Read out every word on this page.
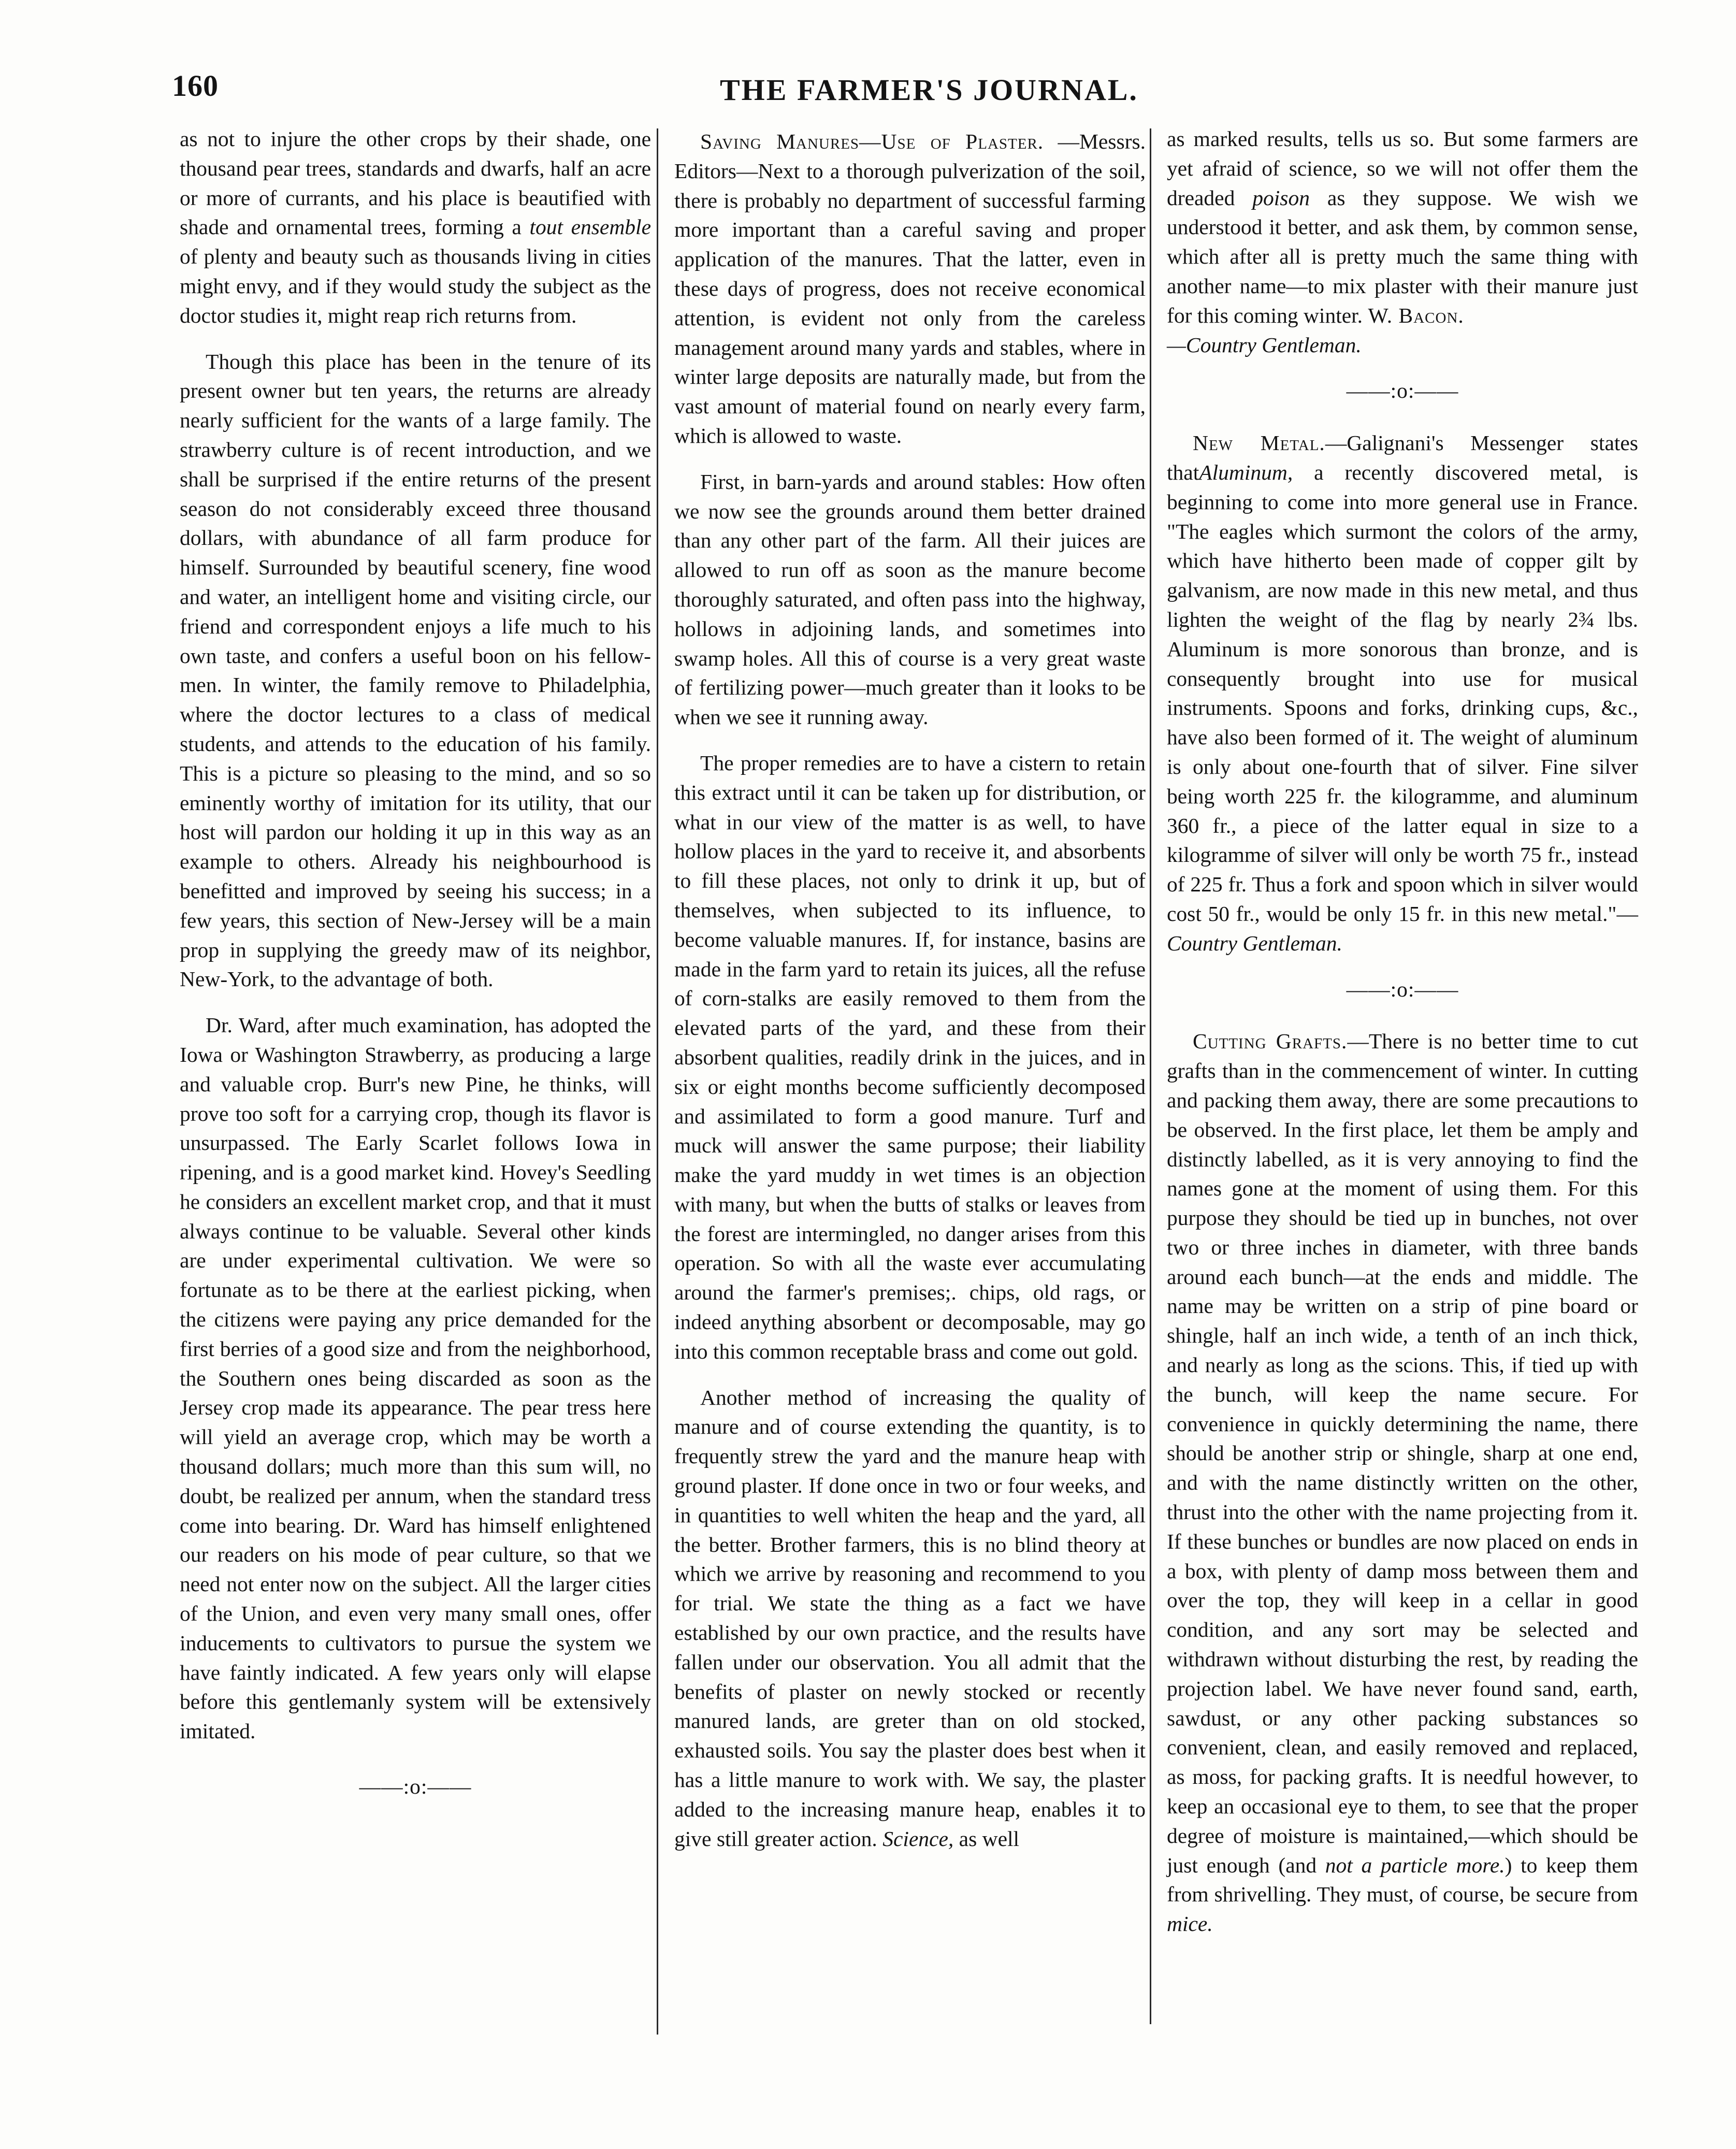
160	THE FARMER'S JOURNAL.

as not to injure the other crops by their shade, one thousand pear trees, standards and dwarfs, half an acre or more of currants, and his place is beautified with shade and ornamental trees, forming a tout ensemble of plenty and beauty such as thousands living in cities might envy, and if they would study the subject as the doctor studies it, might reap rich returns from.

Though this place has been in the tenure of its present owner but ten years, the returns are already nearly sufficient for the wants of a large family. The strawberry culture is of recent introduction, and we shall be surprised if the entire returns of the present season do not considerably exceed three thousand dollars, with abundance of all farm produce for himself. Surrounded by beautiful scenery, fine wood and water, an intelligent home and visiting circle, our friend and correspondent enjoys a life much to his own taste, and confers a useful boon on his fellow-men. In winter, the family remove to Philadelphia, where the doctor lectures to a class of medical students, and attends to the education of his family. This is a picture so pleasing to the mind, and so so eminently worthy of imitation for its utility, that our host will pardon our holding it up in this way as an example to others. Already his neighbourhood is benefitted and improved by seeing his success; in a few years, this section of New-Jersey will be a main prop in supplying the greedy maw of its neighbor, New-York, to the advantage of both.

Dr. Ward, after much examination, has adopted the Iowa or Washington Strawberry, as producing a large and valuable crop. Burr's new Pine, he thinks, will prove too soft for a carrying crop, though its flavor is unsurpassed. The Early Scarlet follows Iowa in ripening, and is a good market kind. Hovey's Seedling he considers an excellent market crop, and that it must always continue to be valuable. Several other kinds are under experimental cultivation. We were so fortunate as to be there at the earliest picking, when the citizens were paying any price demanded for the first berries of a good size and from the neighborhood, the Southern ones being discarded as soon as the Jersey crop made its appearance. The pear tress here will yield an average crop, which may be worth a thousand dollars; much more than this sum will, no doubt, be realized per annum, when the standard tress come into bearing. Dr. Ward has himself enlightened our readers on his mode of pear culture, so that we need not enter now on the subject. All the larger cities of the Union, and even very many small ones, offer inducements to cultivators to pursue the system we have faintly indicated. A few years only will elapse before this gentlemanly system will be extensively imitated.

——:o:——

Saving Manures—Use of Plaster. —Messrs. Editors—Next to a thorough pulverization of the soil, there is probably no department of successful farming more important than a careful saving and proper application of the manures. That the latter, even in these days of progress, does not receive economical attention, is evident not only from the careless management around many yards and stables, where in winter large deposits are naturally made, but from the vast amount of material found on nearly every farm, which is allowed to waste.

First, in barn-yards and around stables: How often we now see the grounds around them better drained than any other part of the farm. All their juices are allowed to run off as soon as the manure become thoroughly saturated, and often pass into the highway, hollows in adjoining lands, and sometimes into swamp holes. All this of course is a very great waste of fertilizing power—much greater than it looks to be when we see it running away.

The proper remedies are to have a cistern to retain this extract until it can be taken up for distribution, or what in our view of the matter is as well, to have hollow places in the yard to receive it, and absorbents to fill these places, not only to drink it up, but of themselves, when subjected to its influence, to become valuable manures. If, for instance, basins are made in the farm yard to retain its juices, all the refuse of corn-stalks are easily removed to them from the elevated parts of the yard, and these from their absorbent qualities, readily drink in the juices, and in six or eight months become sufficiently decomposed and assimilated to form a good manure. Turf and muck will answer the same purpose; their liability make the yard muddy in wet times is an objection with many, but when the butts of stalks or leaves from the forest are intermingled, no danger arises from this operation. So with all the waste ever accumulating around the farmer's premises;. chips, old rags, or indeed anything absorbent or decomposable, may go into this common receptable brass and come out gold.

Another method of increasing the quality of manure and of course extending the quantity, is to frequently strew the yard and the manure heap with ground plaster. If done once in two or four weeks, and in quantities to well whiten the heap and the yard, all the better. Brother farmers, this is no blind theory at which we arrive by reasoning and recommend to you for trial. We state the thing as a fact we have established by our own practice, and the results have fallen under our observation. You all admit that the benefits of plaster on newly stocked or recently manured lands, are greter than on old stocked, exhausted soils. You say the plaster does best when it has a little manure to work with. We say, the plaster added to the increasing manure heap, enables it to give still greater action. Science, as well

as marked results, tells us so. But some farmers are yet afraid of science, so we will not offer them the dreaded poison as they suppose. We wish we understood it better, and ask them, by common sense, which after all is pretty much the same thing with another name—to mix plaster with their manure just for this coming winter. W. Bacon.
—Country Gentleman.

——:o:——

New Metal.—Galignani's Messenger states thatAluminum, a recently discovered metal, is beginning to come into more general use in France. "The eagles which surmont the colors of the army, which have hitherto been made of copper gilt by galvanism, are now made in this new metal, and thus lighten the weight of the flag by nearly 2¾ lbs. Aluminum is more sonorous than bronze, and is consequently brought into use for musical instruments. Spoons and forks, drinking cups, &c., have also been formed of it. The weight of aluminum is only about one-fourth that of silver. Fine silver being worth 225 fr. the kilogramme, and aluminum 360 fr., a piece of the latter equal in size to a kilogramme of silver will only be worth 75 fr., instead of 225 fr. Thus a fork and spoon which in silver would cost 50 fr., would be only 15 fr. in this new metal."—Country Gentleman.

——:o:——

Cutting Grafts.—There is no better time to cut grafts than in the commencement of winter. In cutting and packing them away, there are some precautions to be observed. In the first place, let them be amply and distinctly labelled, as it is very annoying to find the names gone at the moment of using them. For this purpose they should be tied up in bunches, not over two or three inches in diameter, with three bands around each bunch—at the ends and middle. The name may be written on a strip of pine board or shingle, half an inch wide, a tenth of an inch thick, and nearly as long as the scions. This, if tied up with the bunch, will keep the name secure. For convenience in quickly determining the name, there should be another strip or shingle, sharp at one end, and with the name distinctly written on the other, thrust into the other with the name projecting from it. If these bunches or bundles are now placed on ends in a box, with plenty of damp moss between them and over the top, they will keep in a cellar in good condition, and any sort may be selected and withdrawn without disturbing the rest, by reading the projection label. We have never found sand, earth, sawdust, or any other packing substances so convenient, clean, and easily removed and replaced, as moss, for packing grafts. It is needful however, to keep an occasional eye to them, to see that the proper degree of moisture is maintained,—which should be just enough (and not a particle more.) to keep them from shrivelling. They must, of course, be secure from mice.
